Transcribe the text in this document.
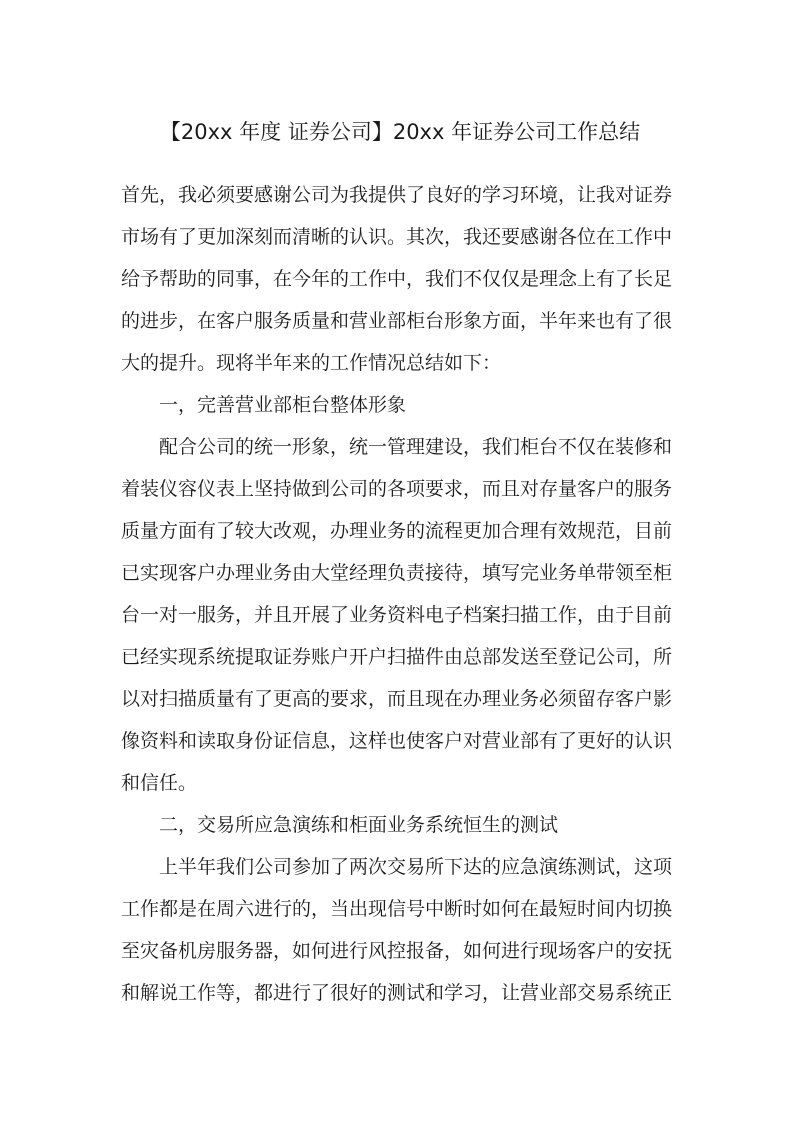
【20xx 年度 证券公司】20xx 年证券公司工作总结
首先，我必须要感谢公司为我提供了良好的学习环境，让我对证券
市场有了更加深刻而清晰的认识。其次，我还要感谢各位在工作中
给予帮助的同事，在今年的工作中，我们不仅仅是理念上有了长足
的进步，在客户服务质量和营业部柜台形象方面，半年来也有了很
大的提升。现将半年来的工作情况总结如下：
一，完善营业部柜台整体形象
配合公司的统一形象，统一管理建设，我们柜台不仅在装修和
着装仪容仪表上坚持做到公司的各项要求，而且对存量客户的服务
质量方面有了较大改观，办理业务的流程更加合理有效规范，目前
已实现客户办理业务由大堂经理负责接待，填写完业务单带领至柜
台一对一服务，并且开展了业务资料电子档案扫描工作，由于目前
已经实现系统提取证券账户开户扫描件由总部发送至登记公司，所
以对扫描质量有了更高的要求，而且现在办理业务必须留存客户影
像资料和读取身份证信息，这样也使客户对营业部有了更好的认识
和信任。
二，交易所应急演练和柜面业务系统恒生的测试
上半年我们公司参加了两次交易所下达的应急演练测试，这项
工作都是在周六进行的，当出现信号中断时如何在最短时间内切换
至灾备机房服务器，如何进行风控报备，如何进行现场客户的安抚
和解说工作等，都进行了很好的测试和学习，让营业部交易系统正
